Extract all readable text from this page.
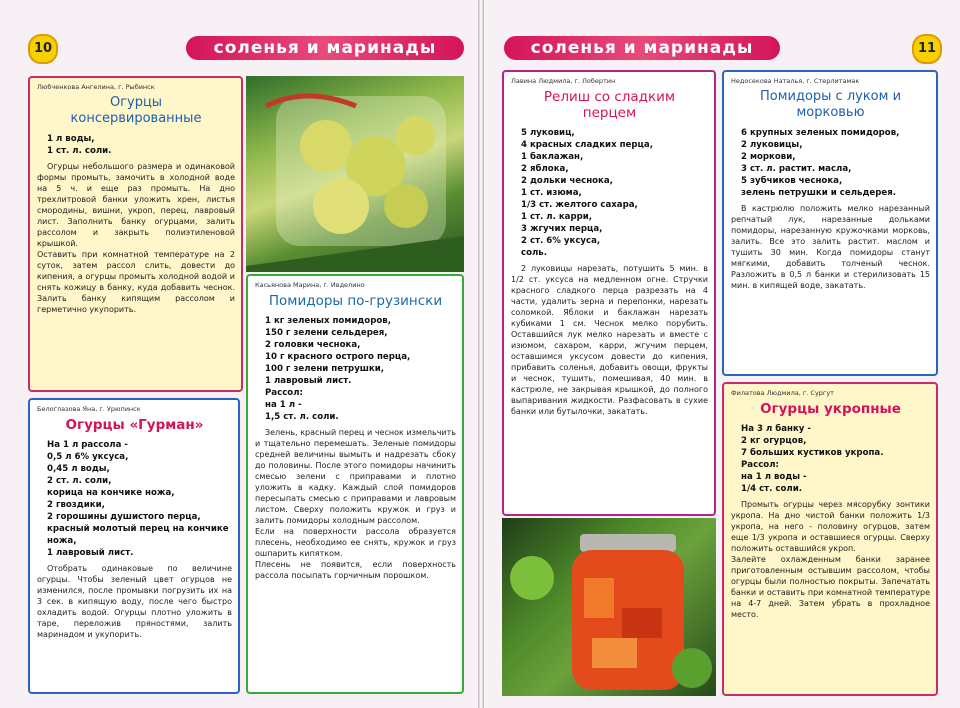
10	соленья и маринады
Любченкова Ангелина, г. Рыбинск
Огурцы консервированные
1 л воды,
1 ст. л. соли.
Огурцы небольшого размера и одинаковой формы промыть, замочить в холодной воде на 5 ч. и еще раз промыть. На дно трехлитровой банки уложить хрен, листья смородины, вишни, укроп, перец, лавровый лист. Заполнить банку огурцами, залить рассолом и закрыть полиэтиленовой крышкой.
Оставить при комнатной температуре на 2 суток, затем рассол слить, довести до кипения, а огурцы промыть холодной водой и снять кожицу в банку, куда добавить чеснок. Залить банку кипящим рассолом и герметично укупорить.
Касьянова Марина, г. Ивделино
Помидоры по-грузински
1 кг зеленых помидоров,
150 г зелени сельдерея,
2 головки чеснока,
10 г красного острого перца,
100 г зелени петрушки,
1 лавровый лист.
Рассол:
на 1 л -
1,5 ст. л. соли.
Зелень, красный перец и чеснок измельчить и тщательно перемешать. Зеленые помидоры средней величины вымыть и надрезать сбоку до половины. После этого помидоры начинить смесью зелени с приправами и плотно уложить в кадку. Каждый слой помидоров пересыпать смесью с приправами и лавровым листом. Сверху положить кружок и груз и залить помидоры холодным рассолом.
Если на поверхности рассола образуется плесень, необходимо ее снять, кружок и груз ошпарить кипятком.
Плесень не появится, если поверхность рассола посыпать горчичным порошком.
Белоглазова Яна, г. Урюпинск
Огурцы «Гурман»
На 1 л рассола -
0,5 л 6% уксуса,
0,45 л воды,
2 ст. л. соли,
корица на кончике ножа,
2 гвоздики,
2 горошины душистого перца,
красный молотый перец на кончике ножа,
1 лавровый лист.
Отобрать одинаковые по величине огурцы. Чтобы зеленый цвет огурцов не изменился, после промывки погрузить их на 3 сек. в кипящую воду, после чего быстро охладить водой. Огурцы плотно уложить в таре, переложив пряностями, залить маринадом и укупорить.
соленья и маринады	11
Лавина Людмила, г. Лобертин
Релиш со сладким перцем
5 луковиц,
4 красных сладких перца,
1 баклажан,
2 яблока,
2 дольки чеснока,
1 ст. изюма,
1/3 ст. желтого сахара,
1 ст. л. карри,
3 жгучих перца,
2 ст. 6% уксуса,
соль.
2 луковицы нарезать, потушить 5 мин. в 1/2 ст. уксуса на медленном огне. Стручки красного сладкого перца разрезать на 4 части, удалить зерна и перепонки, нарезать соломкой. Яблоки и баклажан нарезать кубиками 1 см. Чеснок мелко порубить. Оставшийся лук мелко нарезать и вместе с изюмом, сахаром, карри, жгучим перцем, оставшимся уксусом довести до кипения, прибавить соленья, добавить овощи, фрукты и чеснок, тушить, помешивая, 40 мин. в кастрюле, не закрывая крышкой, до полного выпаривания жидкости. Разфасовать в сухие банки или бутылочки, закатать.
Недосекова Наталья, г. Стерлитамак
Помидоры с луком и морковью
6 крупных зеленых помидоров,
2 луковицы,
2 моркови,
3 ст. л. растит. масла,
5 зубчиков чеснока,
зелень петрушки и сельдерея.
В кастрюлю положить мелко нарезанный репчатый лук, нарезанные дольками помидоры, нарезанную кружочками морковь, залить. Все это залить растит. маслом и тушить 30 мин. Когда помидоры станут мягкими, добавить толченый чеснок. Разложить в 0,5 л банки и стерилизовать 15 мин. в кипящей воде, закатать.
Филатова Людмила, г. Сургут
Огурцы укропные
На 3 л банку -
2 кг огурцов,
7 больших кустиков укропа.
Рассол:
на 1 л воды -
1/4 ст. соли.
Промыть огурцы через мясорубку зонтики укропа. На дно чистой банки положить 1/3 укропа, на него - половину огурцов, затем еще 1/3 укропа и оставшиеся огурцы. Сверху положить оставшийся укроп.
Залейте охлажденным банки заранее приготовленным остывшим рассолом, чтобы огурцы были полностью покрыты. Запечатать банки и оставить при комнатной температуре на 4-7 дней. Затем убрать в прохладное место.
